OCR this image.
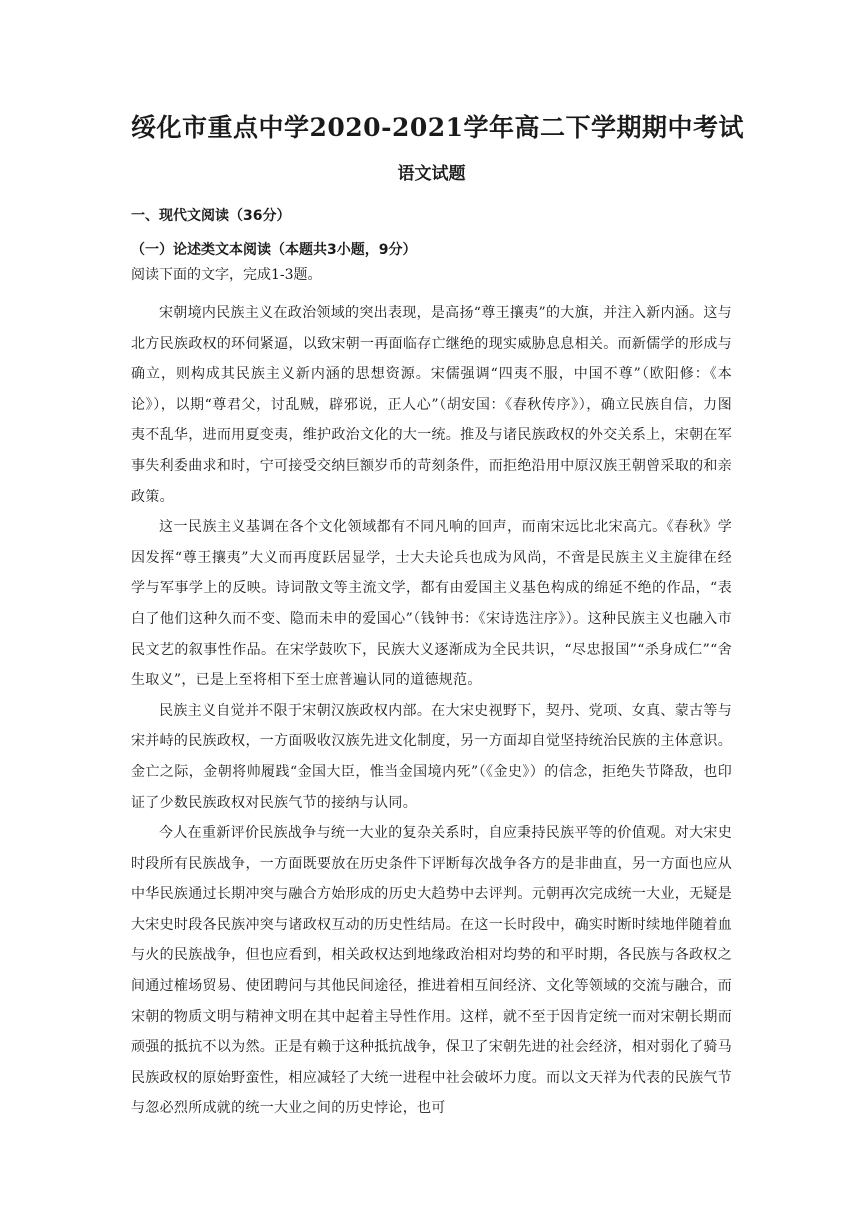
绥化市重点中学2020-2021学年高二下学期期中考试
语文试题
一、现代文阅读（36分）
（一）论述类文本阅读（本题共3小题，9分）
阅读下面的文字，完成1-3题。

宋朝境内民族主义在政治领域的突出表现，是高扬“尊王攘夷”的大旗，并注入新内涵。这与北方民族政权的环伺紧逼，以致宋朝一再面临存亡继绝的现实威胁息息相关。而新儒学的形成与确立，则构成其民族主义新内涵的思想资源。宋儒强调“四夷不服，中国不尊”（欧阳修：《本论》），以期“尊君父，讨乱贼，辟邪说，正人心”（胡安国：《春秋传序》），确立民族自信，力图夷不乱华，进而用夏变夷，维护政治文化的大一统。推及与诸民族政权的外交关系上，宋朝在军事失利委曲求和时，宁可接受交纳巨额岁币的苛刻条件，而拒绝沿用中原汉族王朝曾采取的和亲政策。

这一民族主义基调在各个文化领域都有不同凡响的回声，而南宋远比北宋高亢。《春秋》学因发挥“尊王攘夷”大义而再度跃居显学，士大夫论兵也成为风尚，不啻是民族主义主旋律在经学与军事学上的反映。诗词散文等主流文学，都有由爱国主义基色构成的绵延不绝的作品，“表白了他们这种久而不变、隐而未申的爱国心”（钱钟书：《宋诗选注序》）。这种民族主义也融入市民文艺的叙事性作品。在宋学鼓吹下，民族大义逐渐成为全民共识，“尽忠报国”“杀身成仁”“舍生取义”，已是上至将相下至士庶普遍认同的道德规范。

民族主义自觉并不限于宋朝汉族政权内部。在大宋史视野下，契丹、党项、女真、蒙古等与宋并峙的民族政权，一方面吸收汉族先进文化制度，另一方面却自觉坚持统治民族的主体意识。金亡之际，金朝将帅履践“金国大臣，惟当金国境内死”（《金史》）的信念，拒绝失节降敌，也印证了少数民族政权对民族气节的接纳与认同。

今人在重新评价民族战争与统一大业的复杂关系时，自应秉持民族平等的价值观。对大宋史时段所有民族战争，一方面既要放在历史条件下评断每次战争各方的是非曲直，另一方面也应从中华民族通过长期冲突与融合方始形成的历史大趋势中去评判。元朝再次完成统一大业，无疑是大宋史时段各民族冲突与诸政权互动的历史性结局。在这一长时段中，确实时断时续地伴随着血与火的民族战争，但也应看到，相关政权达到地缘政治相对均势的和平时期，各民族与各政权之间通过榷场贸易、使团聘问与其他民间途径，推进着相互间经济、文化等领域的交流与融合，而宋朝的物质文明与精神文明在其中起着主导性作用。这样，就不至于因肯定统一而对宋朝长期而顽强的抵抗不以为然。正是有赖于这种抵抗战争，保卫了宋朝先进的社会经济，相对弱化了骑马民族政权的原始野蛮性，相应减轻了大统一进程中社会破坏力度。而以文天祥为代表的民族气节与忽必烈所成就的统一大业之间的历史悖论，也可
